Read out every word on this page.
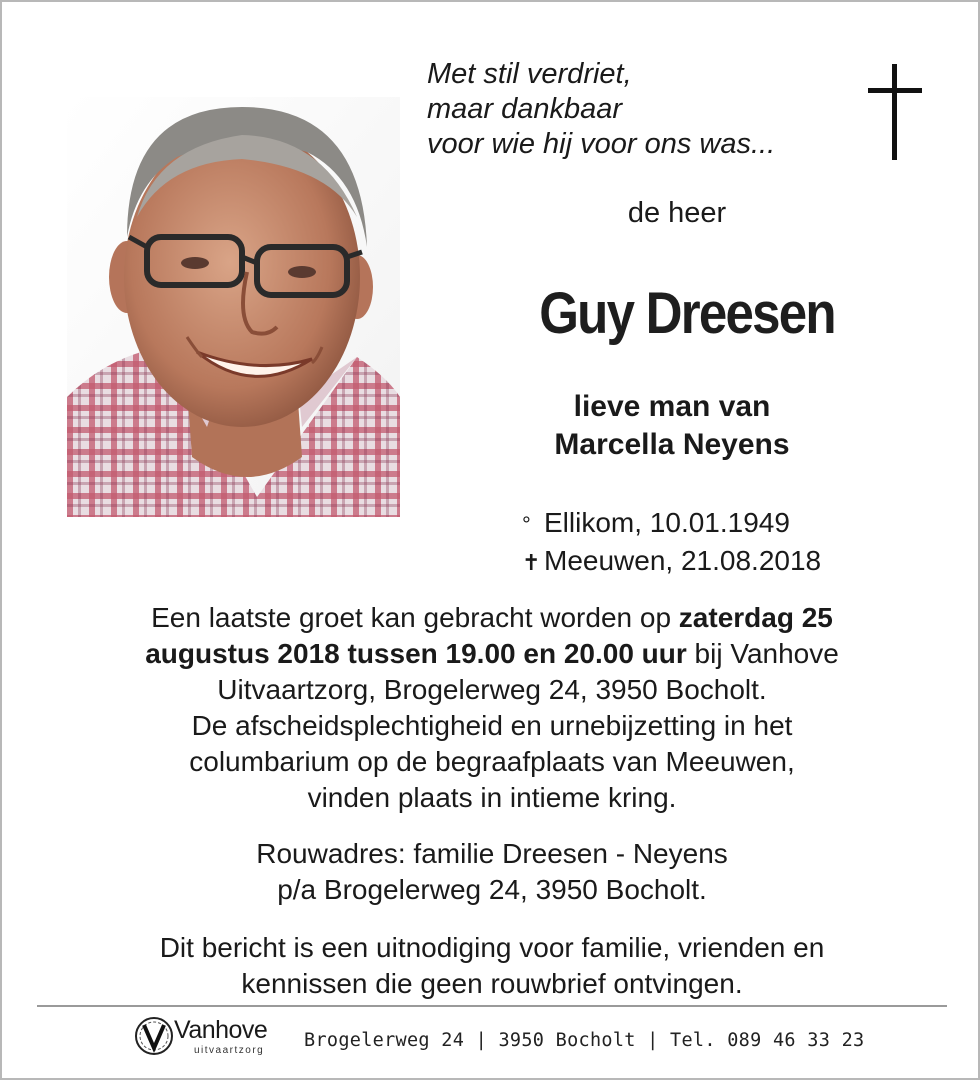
Met stil verdriet,
maar dankbaar
voor wie hij voor ons was...
de heer
Guy Dreesen
lieve man van
Marcella Neyens
° Ellikom, 10.01.1949
✝ Meeuwen, 21.08.2018
Een laatste groet kan gebracht worden op zaterdag 25
augustus 2018 tussen 19.00 en 20.00 uur bij Vanhove
Uitvaartzorg, Brogelerweg 24, 3950 Bocholt.
De afscheidsplechtigheid en urnebijzetting in het
columbarium op de begraafplaats van Meeuwen,
vinden plaats in intieme kring.
Rouwadres: familie Dreesen - Neyens
p/a Brogelerweg 24, 3950 Bocholt.
Dit bericht is een uitnodiging voor familie, vrienden en
kennissen die geen rouwbrief ontvingen.
Vanhove
uitvaartzorg Brogelerweg 24 | 3950 Bocholt | Tel. 089 46 33 23
